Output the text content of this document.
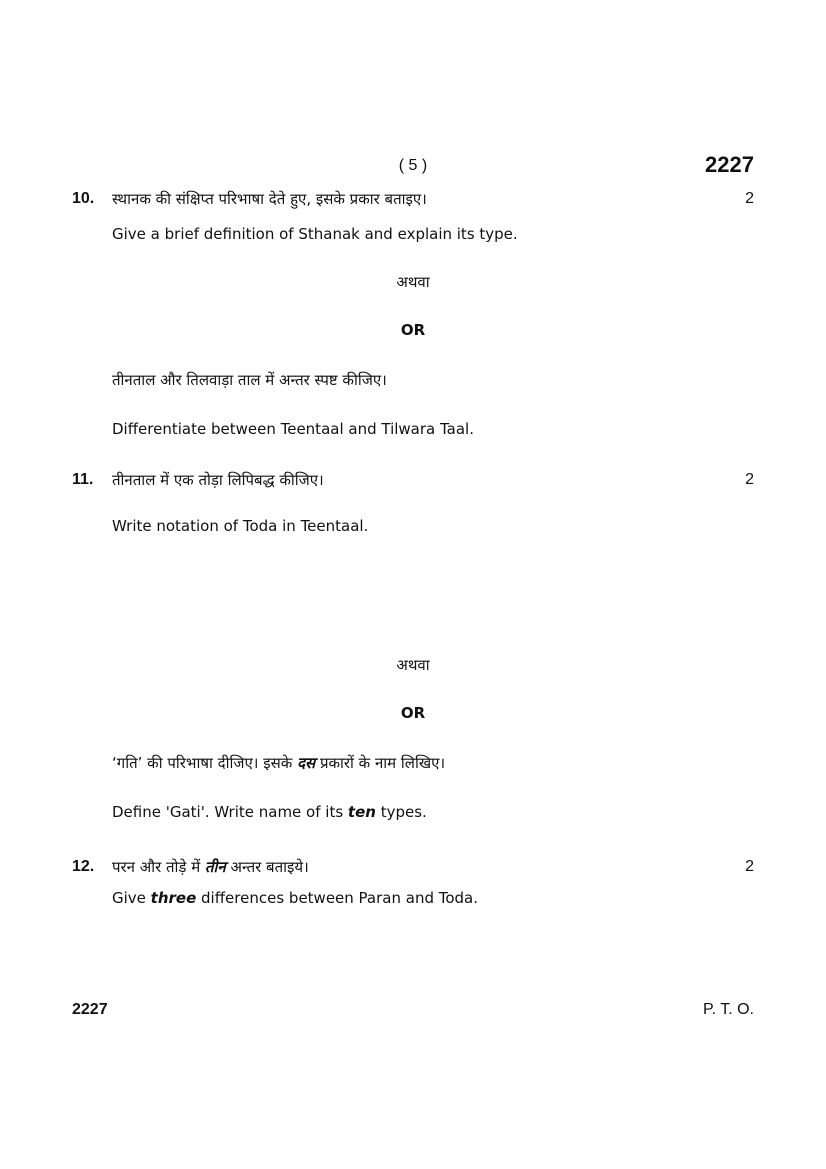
( 5 )	2227
10. स्थानक की संक्षिप्त परिभाषा देते हुए, इसके प्रकार बताइए।	2
Give a brief definition of Sthanak and explain its type.
अथवा
OR
तीनताल और तिलवाड़ा ताल में अन्तर स्पष्ट कीजिए।
Differentiate between Teentaal and Tilwara Taal.
11. तीनताल में एक तोड़ा लिपिबद्ध कीजिए।	2
Write notation of Toda in Teentaal.
अथवा
OR
‘गति’ की परिभाषा दीजिए। इसके दस प्रकारों के नाम लिखिए।
Define 'Gati'. Write name of its ten types.
12. परन और तोड़े में तीन अन्तर बताइये।	2
Give three differences between Paran and Toda.
2227	P. T. O.
